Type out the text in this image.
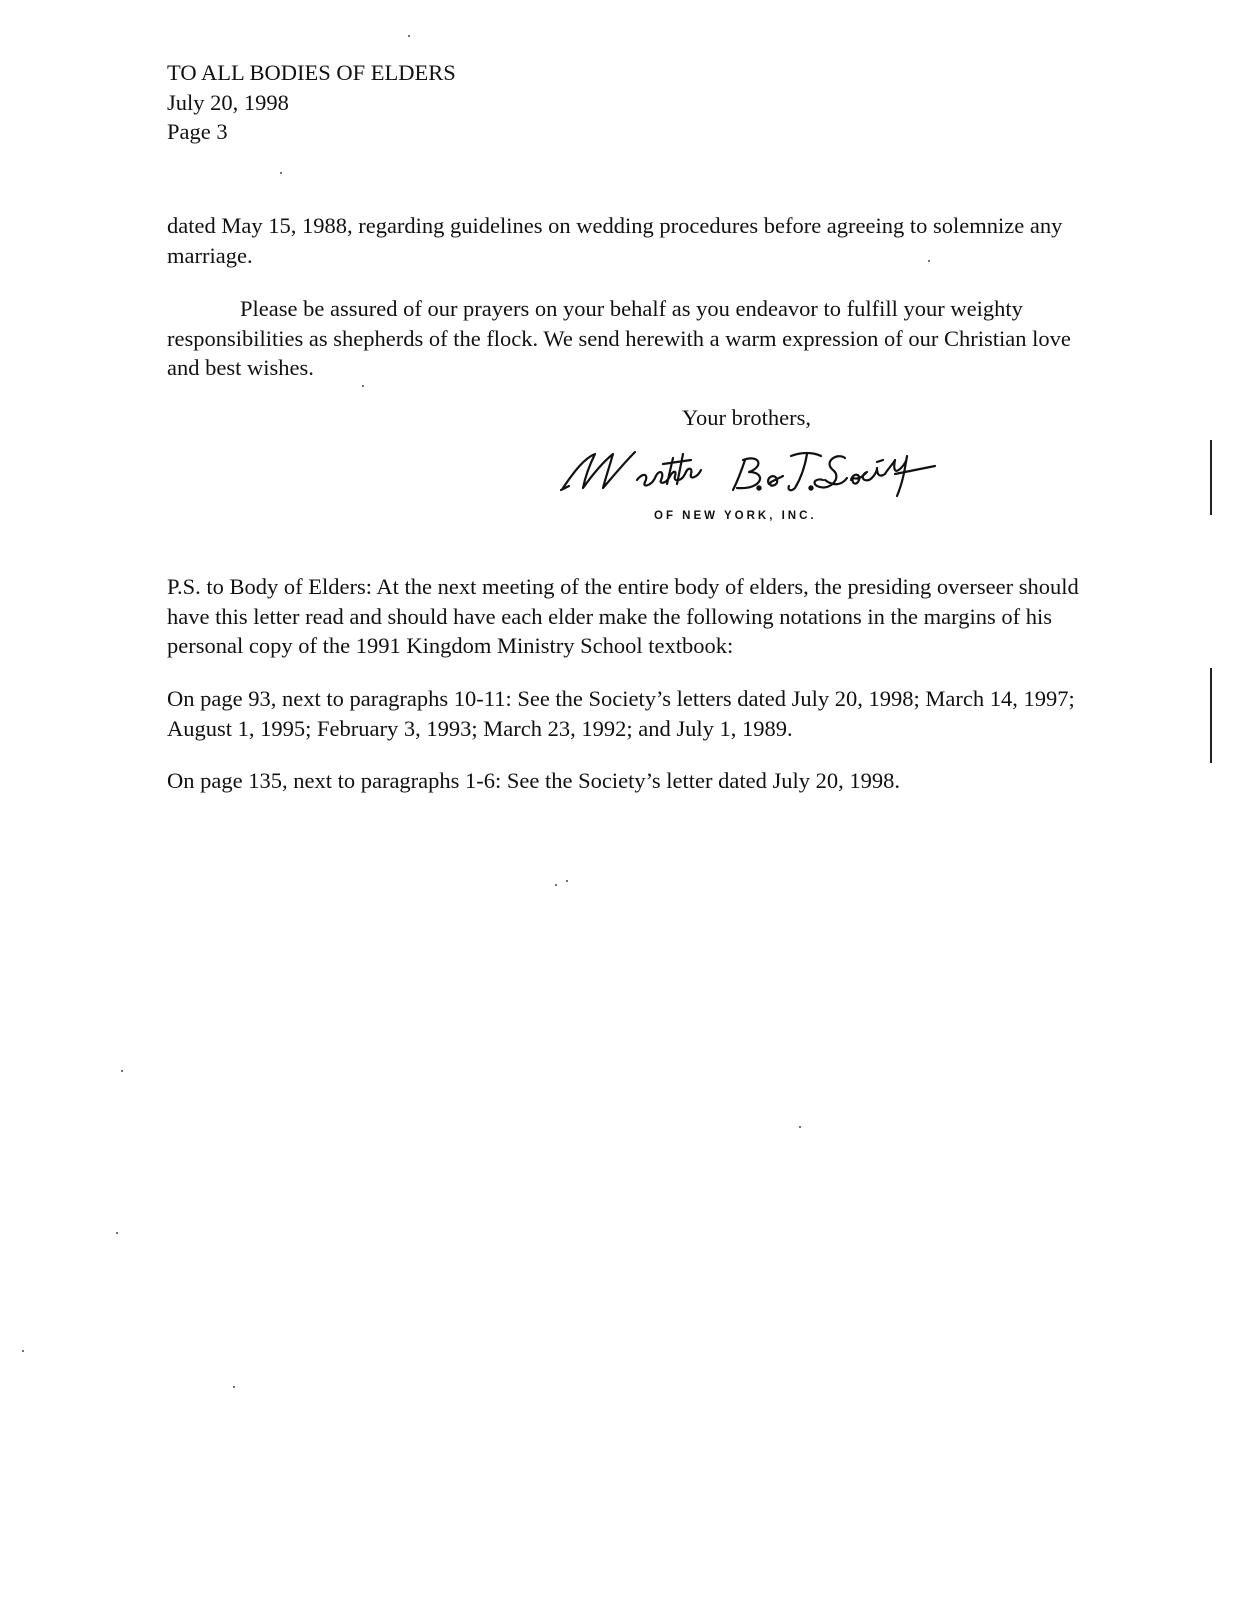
TO ALL BODIES OF ELDERS
July 20, 1998
Page 3

dated May 15, 1988, regarding guidelines on wedding procedures before agreeing to solemnize any marriage.

Please be assured of our prayers on your behalf as you endeavor to fulfill your weighty responsibilities as shepherds of the flock. We send herewith a warm expression of our Christian love and best wishes.

Your brothers,
OF NEW YORK, INC.

P.S. to Body of Elders: At the next meeting of the entire body of elders, the presiding overseer should have this letter read and should have each elder make the following notations in the margins of his personal copy of the 1991 Kingdom Ministry School textbook:

On page 93, next to paragraphs 10-11: See the Society’s letters dated July 20, 1998; March 14, 1997; August 1, 1995; February 3, 1993; March 23, 1992; and July 1, 1989.

On page 135, next to paragraphs 1-6: See the Society’s letter dated July 20, 1998.
